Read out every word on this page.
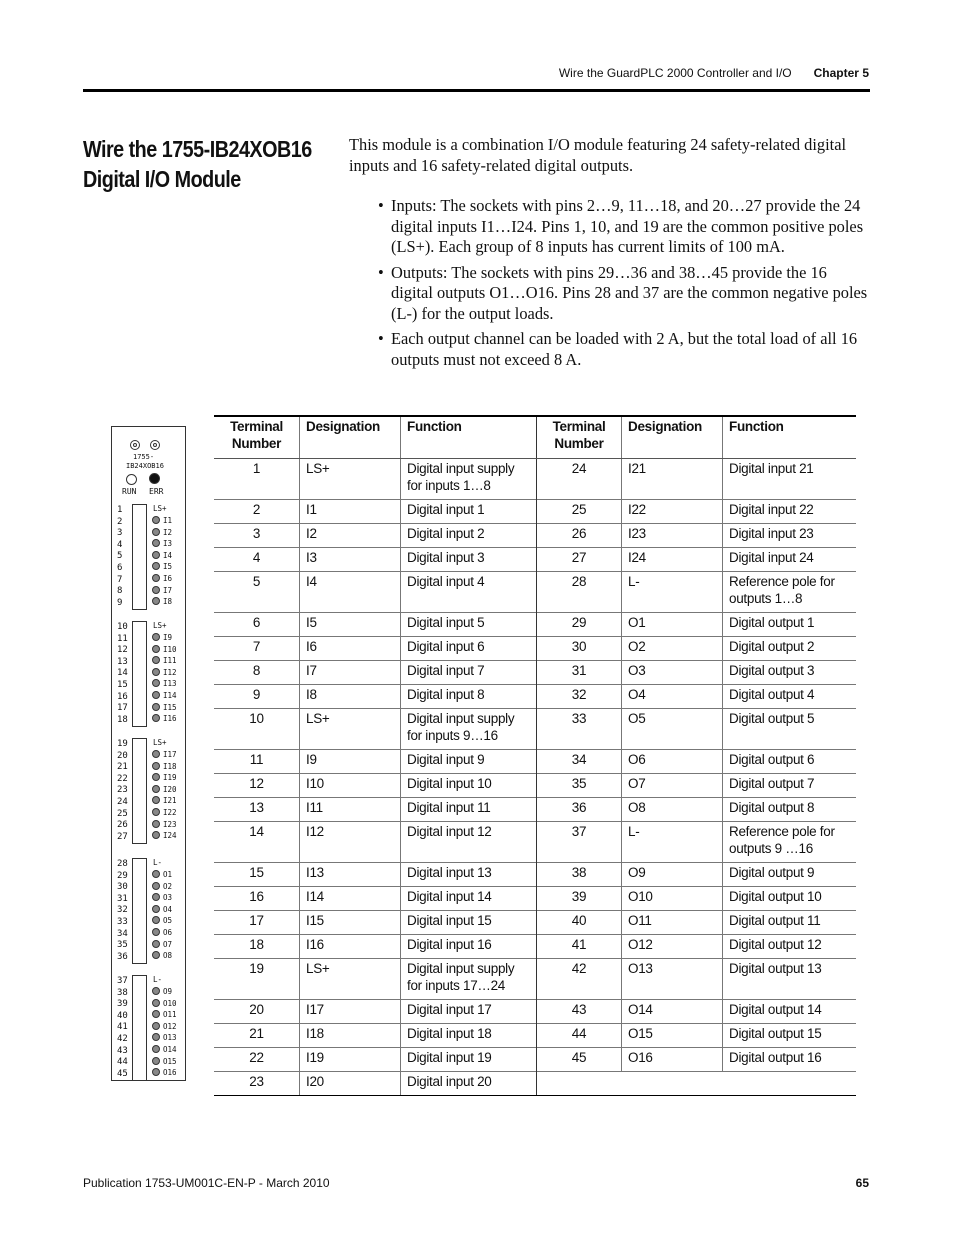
Wire the GuardPLC 2000 Controller and I/O Chapter 5
Wire the 1755-IB24XOB16 Digital I/O Module

This module is a combination I/O module featuring 24 safety-related digital inputs and 16 safety-related digital outputs.

• Inputs: The sockets with pins 2…9, 11…18, and 20…27 provide the 24 digital inputs I1…I24. Pins 1, 10, and 19 are the common positive poles (LS+). Each group of 8 inputs has current limits of 100 mA.
• Outputs: The sockets with pins 29…36 and 38…45 provide the 16 digital outputs O1…O16. Pins 28 and 37 are the common negative poles (L-) for the output loads.
• Each output channel can be loaded with 2 A, but the total load of all 16 outputs must not exceed 8 A.
1755-
IB24XOB16
RUN ERR
1
2
3
4
5
6
7
8
9
LS+
I1
I2
I3
I4
I5
I6
I7
I8
10
11
12
13
14
15
16
17
18
LS+
I9
I10
I11
I12
I13
I14
I15
I16
19
20
21
22
23
24
25
26
27
LS+
I17
I18
I19
I20
I21
I22
I23
I24
28
29
30
31
32
33
34
35
36
L-
O1
O2
O3
O4
O5
O6
O7
O8
37
38
39
40
41
42
43
44
45
L-
O9
O10
O11
O12
O13
O14
O15
O16
Terminal Number	Designation	Function	Terminal Number	Designation	Function
1	LS+	Digital input supply for inputs 1…8	24	I21	Digital input 21
2	I1	Digital input 1	25	I22	Digital input 22
3	I2	Digital input 2	26	I23	Digital input 23
4	I3	Digital input 3	27	I24	Digital input 24
5	I4	Digital input 4	28	L-	Reference pole for outputs 1…8
6	I5	Digital input 5	29	O1	Digital output 1
7	I6	Digital input 6	30	O2	Digital output 2
8	I7	Digital input 7	31	O3	Digital output 3
9	I8	Digital input 8	32	O4	Digital output 4
10	LS+	Digital input supply for inputs 9…16	33	O5	Digital output 5
11	I9	Digital input 9	34	O6	Digital output 6
12	I10	Digital input 10	35	O7	Digital output 7
13	I11	Digital input 11	36	O8	Digital output 8
14	I12	Digital input 12	37	L-	Reference pole for outputs 9 …16
15	I13	Digital input 13	38	O9	Digital output 9
16	I14	Digital input 14	39	O10	Digital output 10
17	I15	Digital input 15	40	O11	Digital output 11
18	I16	Digital input 16	41	O12	Digital output 12
19	LS+	Digital input supply for inputs 17…24	42	O13	Digital output 13
20	I17	Digital input 17	43	O14	Digital output 14
21	I18	Digital input 18	44	O15	Digital output 15
22	I19	Digital input 19	45	O16	Digital output 16
23	I20	Digital input 20			
Publication 1753-UM001C-EN-P - March 2010	65
